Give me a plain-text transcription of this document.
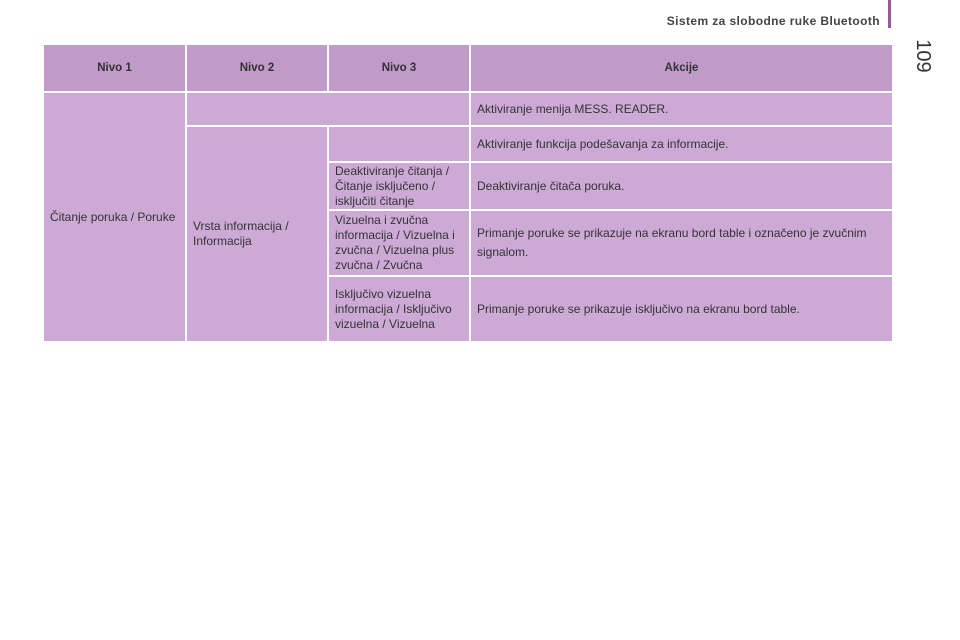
Sistem za slobodne ruke Bluetooth
109
Nivo 1	Nivo 2	Nivo 3	Akcije
Čitanje poruka / Poruke			Aktiviranje menija MESS. READER.
	Vrsta informacija / Informacija		Aktiviranje funkcija podešavanja za informacije.
		Deaktiviranje čitanja / Čitanje isključeno / isključiti čitanje	Deaktiviranje čitača poruka.
		Vizuelna i zvučna informacija / Vizuelna i zvučna / Vizuelna plus zvučna / Zvučna	Primanje poruke se prikazuje na ekranu bord table i označeno je zvučnim signalom.
		Isključivo vizuelna informacija / Isključivo vizuelna / Vizuelna	Primanje poruke se prikazuje isključivo na ekranu bord table.
